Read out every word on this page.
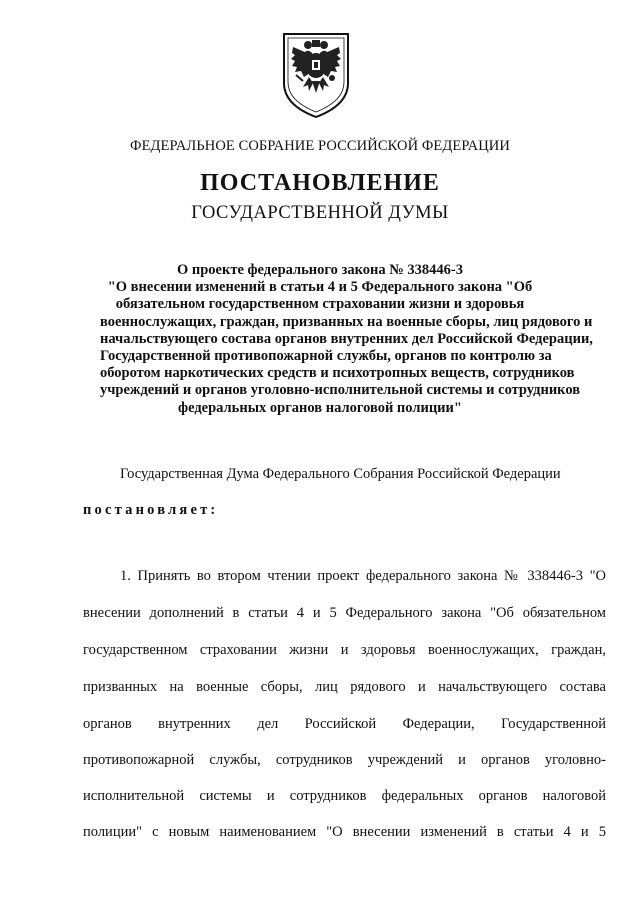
ФЕДЕРАЛЬНОЕ СОБРАНИЕ РОССИЙСКОЙ ФЕДЕРАЦИИ
ПОСТАНОВЛЕНИЕ
ГОСУДАРСТВЕННОЙ ДУМЫ
О проекте федерального закона № 338446-3
"О внесении изменений в статьи 4 и 5 Федерального закона "Об
обязательном государственном страховании жизни и здоровья
военнослужащих, граждан, призванных на военные сборы, лиц рядового и
начальствующего состава органов внутренних дел Российской Федерации,
Государственной противопожарной службы, органов по контролю за
оборотом наркотических средств и психотропных веществ, сотрудников
учреждений и органов уголовно-исполнительной системы и сотрудников
федеральных органов налоговой полиции"
Государственная Дума Федерального Собрания Российской Федерации
постановляет:
1. Принять во втором чтении проект федерального закона № 338446-3 "О
внесении дополнений в статьи 4 и 5 Федерального закона "Об обязательном
государственном страховании жизни и здоровья военнослужащих, граждан,
призванных на военные сборы, лиц рядового и начальствующего состава
органов внутренних дел Российской Федерации, Государственной
противопожарной службы, сотрудников учреждений и органов уголовно-
исполнительной системы и сотрудников федеральных органов налоговой
полиции" с новым наименованием "О внесении изменений в статьи 4 и 5
